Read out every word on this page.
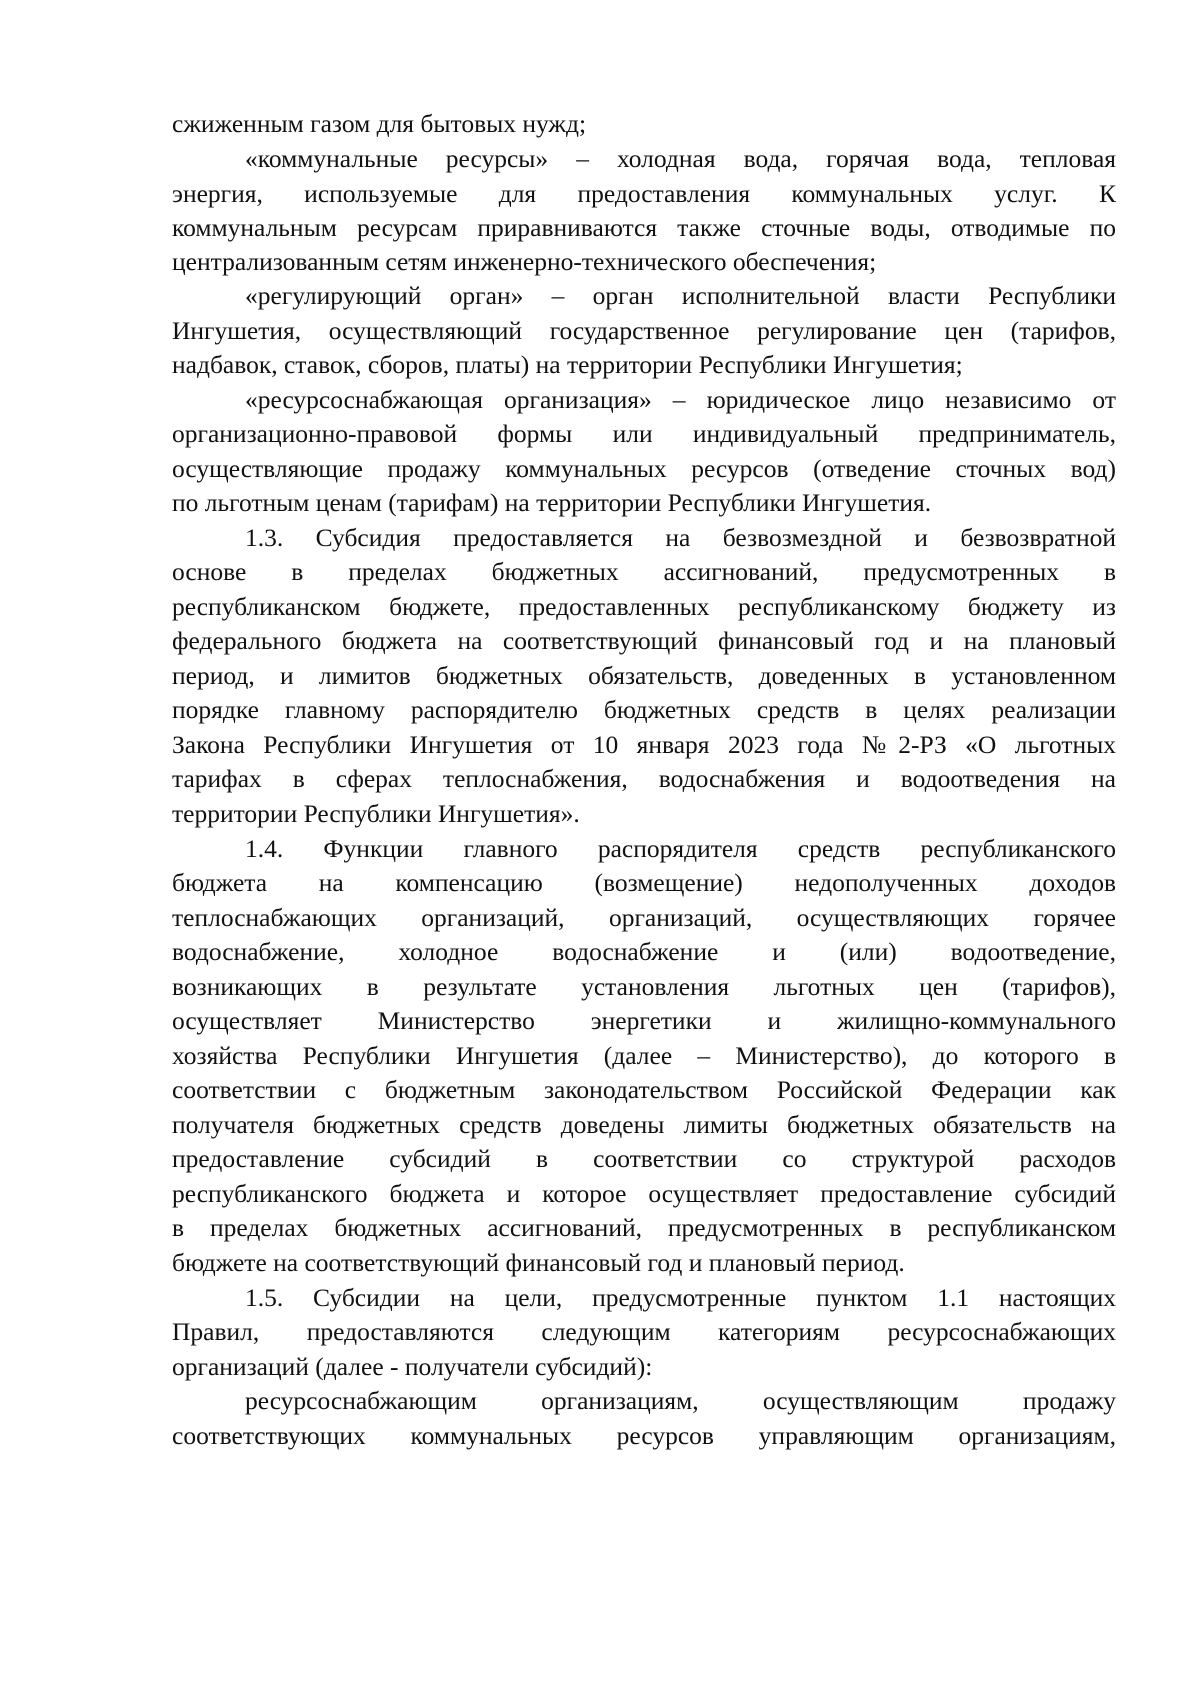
сжиженным газом для бытовых нужд;
«коммунальные ресурсы» – холодная вода, горячая вода, тепловая
энергия, используемые для предоставления коммунальных услуг. К
коммунальным ресурсам приравниваются также сточные воды, отводимые по
централизованным сетям инженерно-технического обеспечения;
«регулирующий орган» – орган исполнительной власти Республики
Ингушетия, осуществляющий государственное регулирование цен (тарифов,
надбавок, ставок, сборов, платы) на территории Республики Ингушетия;
«ресурсоснабжающая организация» – юридическое лицо независимо от
организационно-правовой формы или индивидуальный предприниматель,
осуществляющие продажу коммунальных ресурсов (отведение сточных вод)
по льготным ценам (тарифам) на территории Республики Ингушетия.
1.3. Субсидия предоставляется на безвозмездной и безвозвратной
основе в пределах бюджетных ассигнований, предусмотренных в
республиканском бюджете, предоставленных республиканскому бюджету из
федерального бюджета на соответствующий финансовый год и на плановый
период, и лимитов бюджетных обязательств, доведенных в установленном
порядке главному распорядителю бюджетных средств в целях реализации
Закона Республики Ингушетия от 10 января 2023 года №2-РЗ «О льготных
тарифах в сферах теплоснабжения, водоснабжения и водоотведения на
территории Республики Ингушетия».
1.4. Функции главного распорядителя средств республиканского
бюджета на компенсацию (возмещение) недополученных доходов
теплоснабжающих организаций, организаций, осуществляющих горячее
водоснабжение, холодное водоснабжение и (или) водоотведение,
возникающих в результате установления льготных цен (тарифов),
осуществляет Министерство энергетики и жилищно-коммунального
хозяйства Республики Ингушетия (далее – Министерство), до которого в
соответствии с бюджетным законодательством Российской Федерации как
получателя бюджетных средств доведены лимиты бюджетных обязательств на
предоставление субсидий в соответствии со структурой расходов
республиканского бюджета и которое осуществляет предоставление субсидий
в пределах бюджетных ассигнований, предусмотренных в республиканском
бюджете на соответствующий финансовый год и плановый период.
1.5. Субсидии на цели, предусмотренные пунктом 1.1 настоящих
Правил, предоставляются следующим категориям ресурсоснабжающих
организаций (далее - получатели субсидий):
ресурсоснабжающим организациям, осуществляющим продажу
соответствующих коммунальных ресурсов управляющим организациям,
